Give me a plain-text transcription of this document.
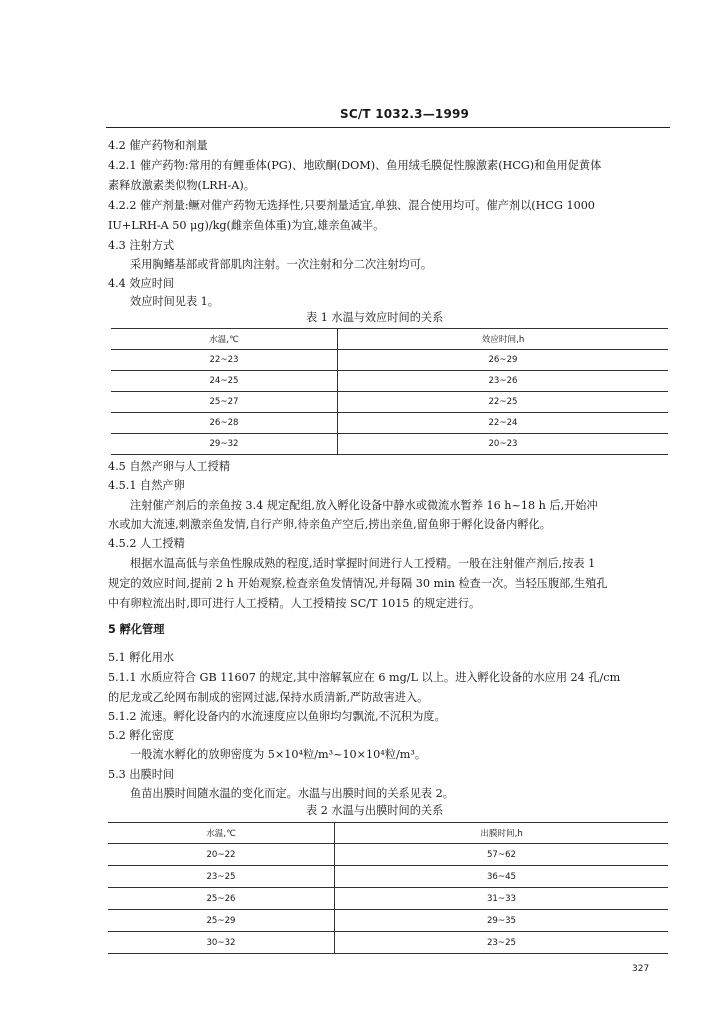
SC/T 1032.3—1999
4.2 催产药物和剂量
4.2.1 催产药物:常用的有鲤垂体(PG)、地欧酮(DOM)、鱼用绒毛膜促性腺激素(HCG)和鱼用促黄体
素释放激素类似物(LRH-A)。
4.2.2 催产剂量:鳜对催产药物无选择性,只要剂量适宜,单独、混合使用均可。催产剂以(HCG 1000
IU+LRH-A 50 μg)/kg(雌亲鱼体重)为宜,雄亲鱼减半。
4.3 注射方式
采用胸鳍基部或背部肌肉注射。一次注射和分二次注射均可。
4.4 效应时间
效应时间见表 1。
表 1 水温与效应时间的关系
水温,℃	效应时间,h
22~23	26~29
24~25	23~26
25~27	22~25
26~28	22~24
29~32	20~23
4.5 自然产卵与人工授精
4.5.1 自然产卵
注射催产剂后的亲鱼按 3.4 规定配组,放入孵化设备中静水或微流水暂养 16 h~18 h 后,开始冲
水或加大流速,刺激亲鱼发情,自行产卵,待亲鱼产空后,捞出亲鱼,留鱼卵于孵化设备内孵化。
4.5.2 人工授精
根据水温高低与亲鱼性腺成熟的程度,适时掌握时间进行人工授精。一般在注射催产剂后,按表 1
规定的效应时间,提前 2 h 开始观察,检查亲鱼发情情况,并每隔 30 min 检查一次。当轻压腹部,生殖孔
中有卵粒流出时,即可进行人工授精。人工授精按 SC/T 1015 的规定进行。
5 孵化管理
5.1 孵化用水
5.1.1 水质应符合 GB 11607 的规定,其中溶解氧应在 6 mg/L 以上。进入孵化设备的水应用 24 孔/cm
的尼龙或乙纶网布制成的密网过滤,保持水质清新,严防敌害进入。
5.1.2 流速。孵化设备内的水流速度应以鱼卵均匀飘流,不沉积为度。
5.2 孵化密度
一般流水孵化的放卵密度为 5×10⁴粒/m³~10×10⁴粒/m³。
5.3 出膜时间
鱼苗出膜时间随水温的变化而定。水温与出膜时间的关系见表 2。
表 2 水温与出膜时间的关系
水温,℃	出膜时间,h
20~22	57~62
23~25	36~45
25~26	31~33
25~29	29~35
30~32	23~25
327
